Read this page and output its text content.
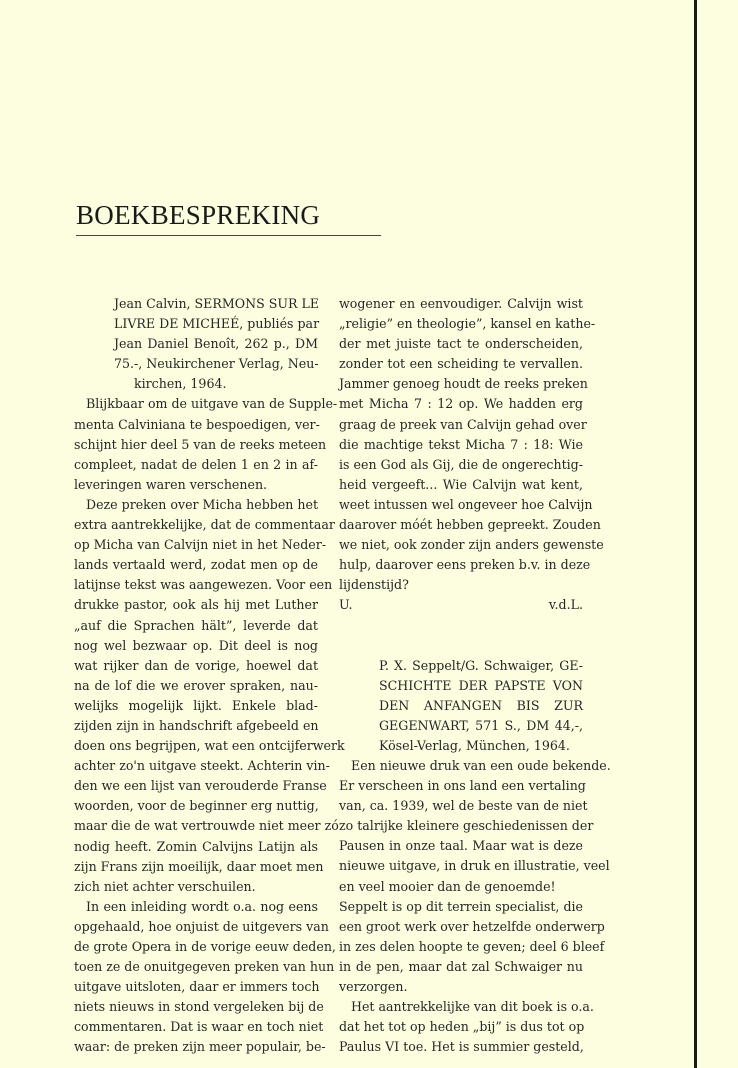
BOEKBESPREKING
Jean Calvin, SERMONS SUR LE
LIVRE DE MICHEÉ, publiés par
Jean Daniel Benoît, 262 p., DM
75.-, Neukirchener Verlag, Neu-
kirchen, 1964.
Blijkbaar om de uitgave van de Supple-
menta Calviniana te bespoedigen, ver-
schijnt hier deel 5 van de reeks meteen
compleet, nadat de delen 1 en 2 in af-
leveringen waren verschenen.
Deze preken over Micha hebben het
extra aantrekkelijke, dat de commentaar
op Micha van Calvijn niet in het Neder-
lands vertaald werd, zodat men op de
latijnse tekst was aangewezen. Voor een
drukke pastor, ook als hij met Luther
„auf die Sprachen hält”, leverde dat
nog wel bezwaar op. Dit deel is nog
wat rijker dan de vorige, hoewel dat
na de lof die we erover spraken, nau-
welijks mogelijk lijkt. Enkele blad-
zijden zijn in handschrift afgebeeld en
doen ons begrijpen, wat een ontcijferwerk
achter zo'n uitgave steekt. Achterin vin-
den we een lijst van verouderde Franse
woorden, voor de beginner erg nuttig,
maar die de wat vertrouwde niet meer zó
nodig heeft. Zomin Calvijns Latijn als
zijn Frans zijn moeilijk, daar moet men
zich niet achter verschuilen.
In een inleiding wordt o.a. nog eens
opgehaald, hoe onjuist de uitgevers van
de grote Opera in de vorige eeuw deden,
toen ze de onuitgegeven preken van hun
uitgave uitsloten, daar er immers toch
niets nieuws in stond vergeleken bij de
commentaren. Dat is waar en toch niet
waar: de preken zijn meer populair, be-
wogener en eenvoudiger. Calvijn wist
„religie” en theologie”, kansel en kathe-
der met juiste tact te onderscheiden,
zonder tot een scheiding te vervallen.
Jammer genoeg houdt de reeks preken
met Micha 7 : 12 op. We hadden erg
graag de preek van Calvijn gehad over
die machtige tekst Micha 7 : 18: Wie
is een God als Gij, die de ongerechtig-
heid vergeeft... Wie Calvijn wat kent,
weet intussen wel ongeveer hoe Calvijn
daarover móét hebben gepreekt. Zouden
we niet, ook zonder zijn anders gewenste
hulp, daarover eens preken b.v. in deze
lijdenstijd?
U. v.d.L.
P. X. Seppelt/G. Schwaiger, GE-
SCHICHTE DER PAPSTE VON
DEN ANFANGEN BIS ZUR
GEGENWART, 571 S., DM 44,-,
Kösel-Verlag, München, 1964.
Een nieuwe druk van een oude bekende.
Er verscheen in ons land een vertaling
van, ca. 1939, wel de beste van de niet
zo talrijke kleinere geschiedenissen der
Pausen in onze taal. Maar wat is deze
nieuwe uitgave, in druk en illustratie, veel
en veel mooier dan de genoemde!
Seppelt is op dit terrein specialist, die
een groot werk over hetzelfde onderwerp
in zes delen hoopte te geven; deel 6 bleef
in de pen, maar dat zal Schwaiger nu
verzorgen.
Het aantrekkelijke van dit boek is o.a.
dat het tot op heden „bij” is dus tot op
Paulus VI toe. Het is summier gesteld,
